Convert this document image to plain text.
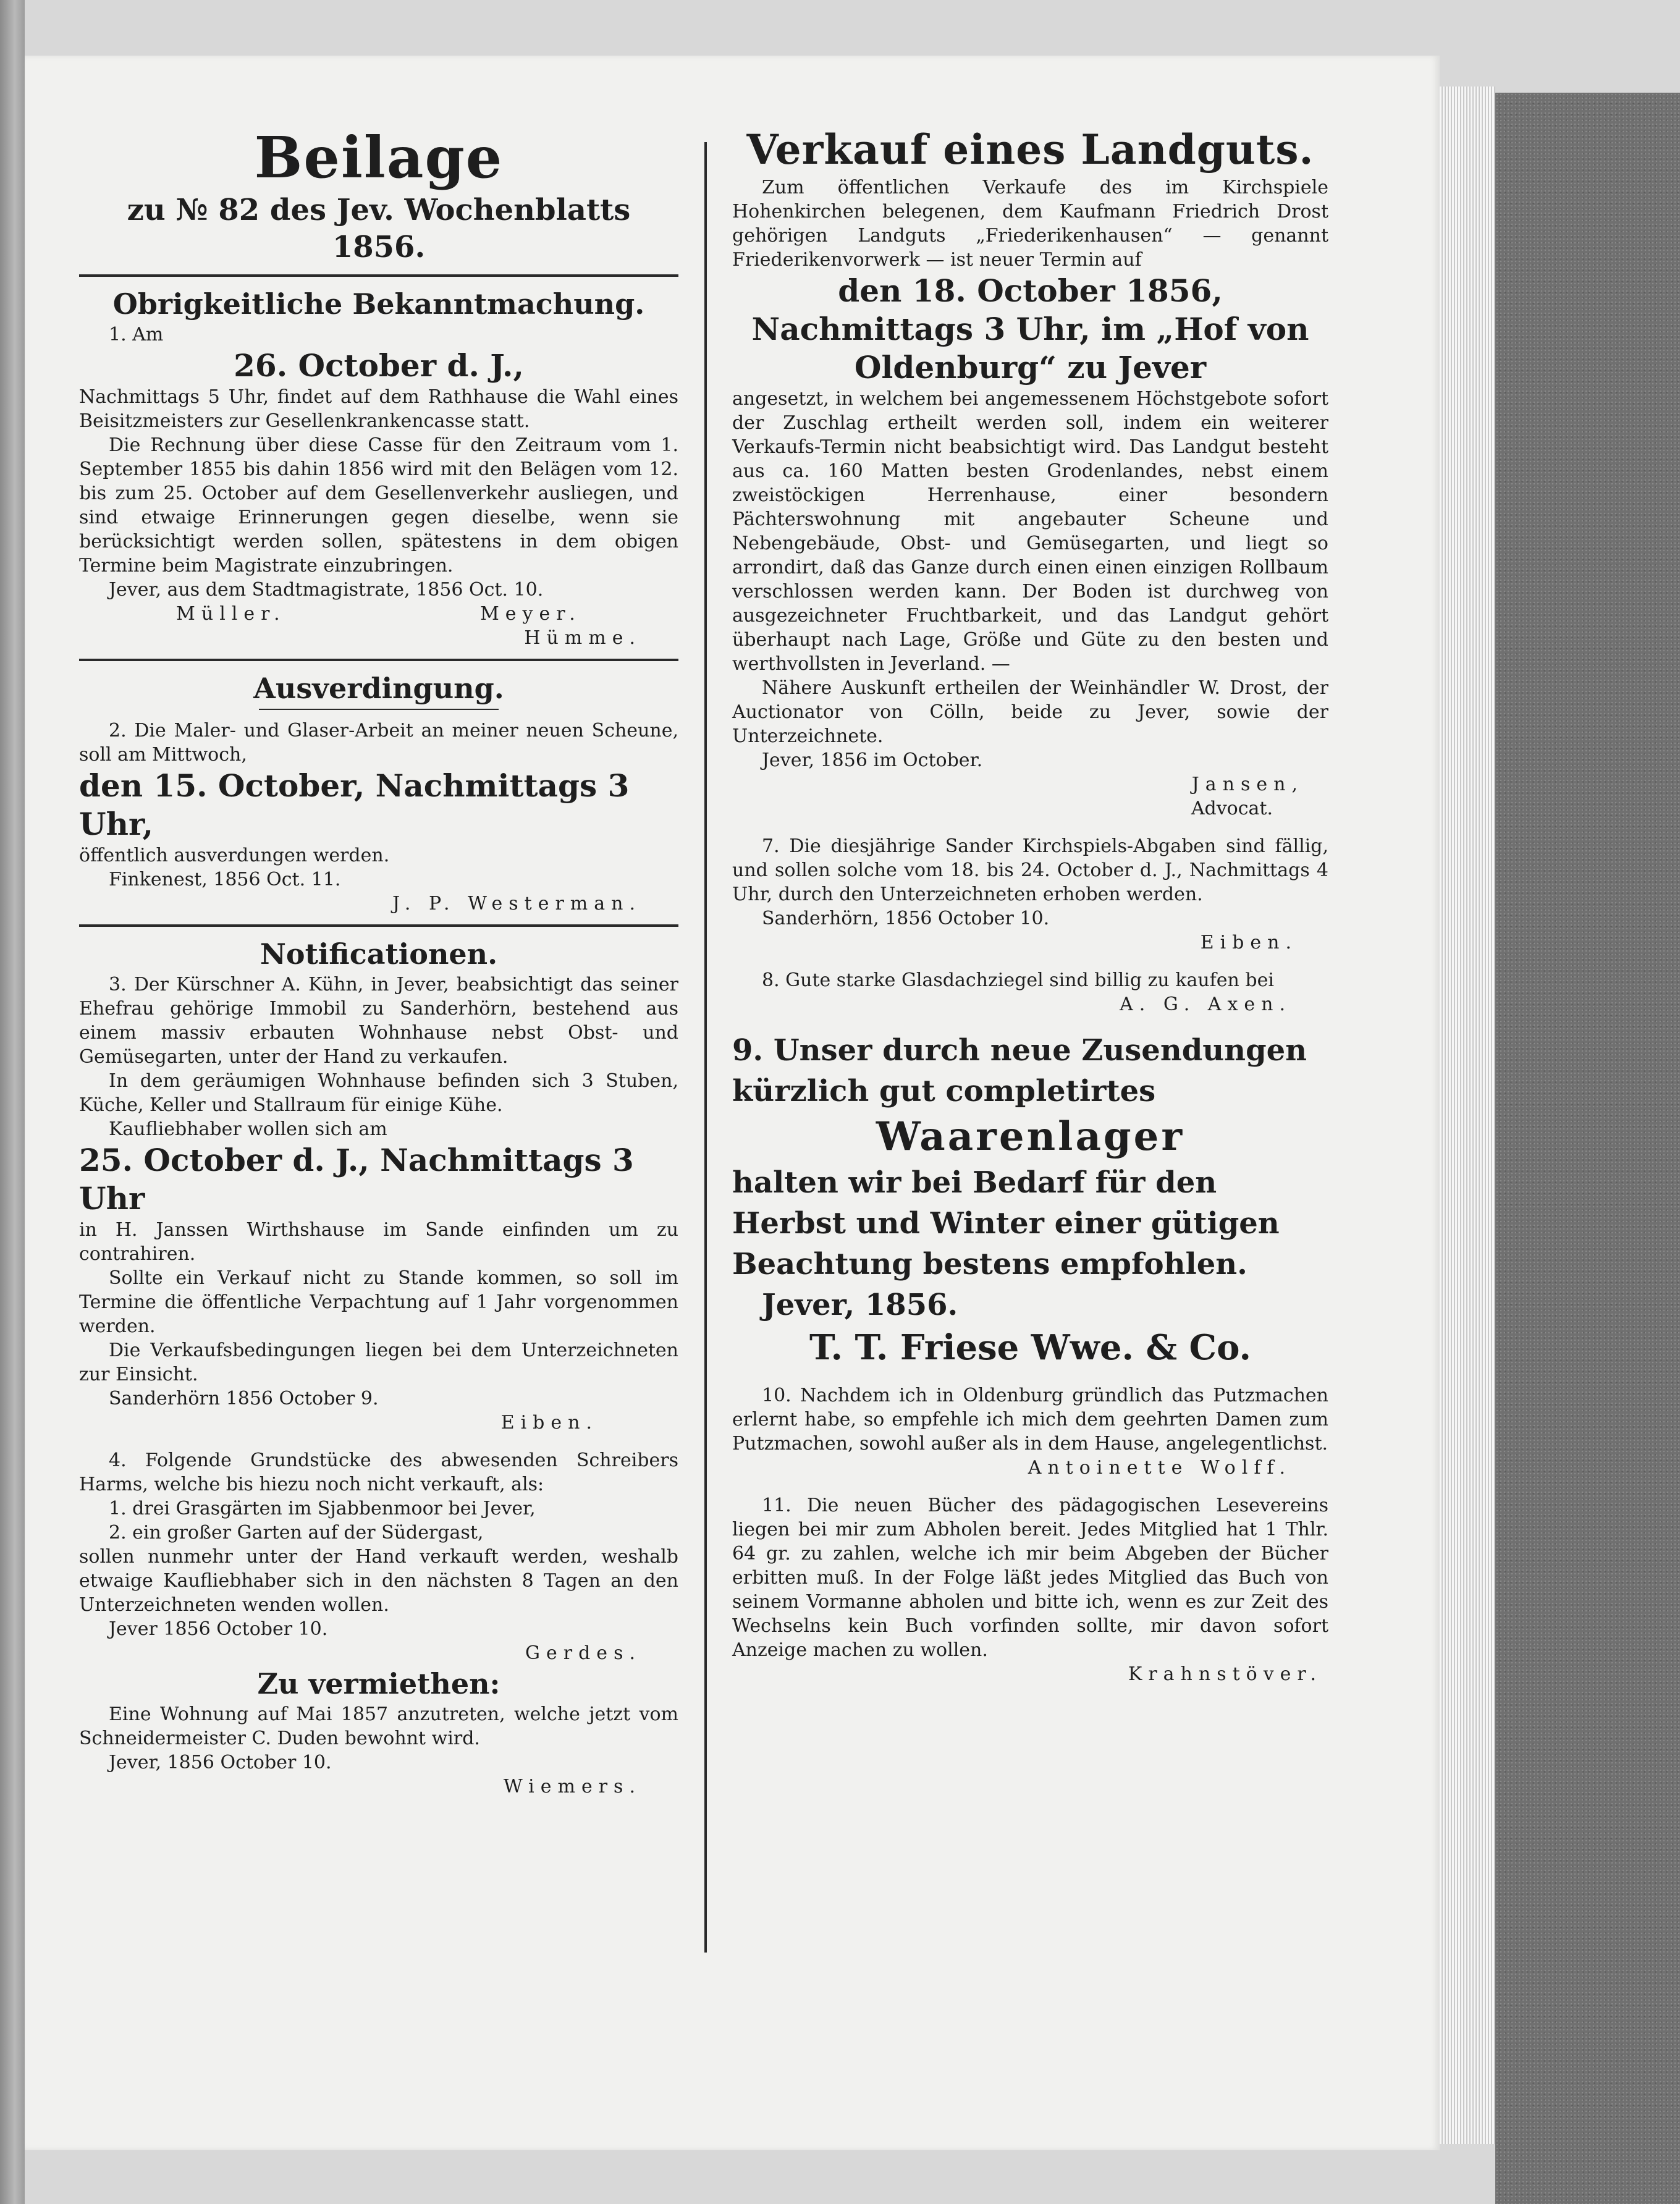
Beilage

zu № 82 des Jev. Wochenblatts 1856.

Obrigkeitliche Bekanntmachung.

1. Am

26. October d. J.,

Nachmittags 5 Uhr, findet auf dem Rathhause die Wahl eines Beisitzmeisters zur Gesellenkrankencasse statt.

Die Rechnung über diese Casse für den Zeitraum vom 1. September 1855 bis dahin 1856 wird mit den Belägen vom 12. bis zum 25. October auf dem Gesellenverkehr ausliegen, und sind etwaige Erinnerungen gegen dieselbe, wenn sie berücksichtigt werden sollen, spätestens in dem obigen Termine beim Magistrate einzubringen.

Jever, aus dem Stadtmagistrate, 1856 Oct. 10.

Müller.	Meyer.

Hümme.

Ausverdingung.

2. Die Maler- und Glaser-Arbeit an meiner neuen Scheune, soll am Mittwoch,

den 15. October, Nachmittags 3 Uhr,

öffentlich ausverdungen werden.

Finkenest, 1856 Oct. 11.

J. P. Westerman.

Notificationen.

3. Der Kürschner A. Kühn, in Jever, beabsichtigt das seiner Ehefrau gehörige Immobil zu Sanderhörn, bestehend aus einem massiv erbauten Wohnhause nebst Obst- und Gemüsegarten, unter der Hand zu verkaufen.

In dem geräumigen Wohnhause befinden sich 3 Stuben, Küche, Keller und Stallraum für einige Kühe.

Kaufliebhaber wollen sich am

25. October d. J., Nachmittags 3 Uhr

in H. Janssen Wirthshause im Sande einfinden um zu contrahiren.

Sollte ein Verkauf nicht zu Stande kommen, so soll im Termine die öffentliche Verpachtung auf 1 Jahr vorgenommen werden.

Die Verkaufsbedingungen liegen bei dem Unterzeichneten zur Einsicht.

Sanderhörn 1856 October 9.

Eiben.

4. Folgende Grundstücke des abwesenden Schreibers Harms, welche bis hiezu noch nicht verkauft, als:

1. drei Grasgärten im Sjabbenmoor bei Jever,

2. ein großer Garten auf der Südergast,

sollen nunmehr unter der Hand verkauft werden, weshalb etwaige Kaufliebhaber sich in den nächsten 8 Tagen an den Unterzeichneten wenden wollen.

Jever 1856 October 10.

Gerdes.

Zu vermiethen:

Eine Wohnung auf Mai 1857 anzutreten, welche jetzt vom Schneidermeister C. Duden bewohnt wird.

Jever, 1856 October 10.

Wiemers.

Verkauf eines Landguts.

Zum öffentlichen Verkaufe des im Kirchspiele Hohenkirchen belegenen, dem Kaufmann Friedrich Drost gehörigen Landguts „Friederikenhausen“ — genannt Friederikenvorwerk — ist neuer Termin auf

den 18. October 1856, Nachmittags 3 Uhr, im „Hof von Oldenburg“ zu Jever

angesetzt, in welchem bei angemessenem Höchstgebote sofort der Zuschlag ertheilt werden soll, indem ein weiterer Verkaufs-Termin nicht beabsichtigt wird. Das Landgut besteht aus ca. 160 Matten besten Grodenlandes, nebst einem zweistöckigen Herrenhause, einer besondern Pächterswohnung mit angebauter Scheune und Nebengebäude, Obst- und Gemüsegarten, und liegt so arrondirt, daß das Ganze durch einen einen einzigen Rollbaum verschlossen werden kann. Der Boden ist durchweg von ausgezeichneter Fruchtbarkeit, und das Landgut gehört überhaupt nach Lage, Größe und Güte zu den besten und werthvollsten in Jeverland. —

Nähere Auskunft ertheilen der Weinhändler W. Drost, der Auctionator von Cölln, beide zu Jever, sowie der Unterzeichnete.

Jever, 1856 im October.

Jansen,

Advocat.

7. Die diesjährige Sander Kirchspiels-Abgaben sind fällig, und sollen solche vom 18. bis 24. October d. J., Nachmittags 4 Uhr, durch den Unterzeichneten erhoben werden.

Sanderhörn, 1856 October 10.

Eiben.

8. Gute starke Glasdachziegel sind billig zu kaufen bei

A. G. Axen.

9. Unser durch neue Zusendungen kürzlich gut completirtes

Waarenlager

halten wir bei Bedarf für den Herbst und Winter einer gütigen Beachtung bestens empfohlen.

Jever, 1856.

T. T. Friese Wwe. & Co.

10. Nachdem ich in Oldenburg gründlich das Putzmachen erlernt habe, so empfehle ich mich dem geehrten Damen zum Putzmachen, sowohl außer als in dem Hause, angelegentlichst.

Antoinette Wolff.

11. Die neuen Bücher des pädagogischen Lesevereins liegen bei mir zum Abholen bereit. Jedes Mitglied hat 1 Thlr. 64 gr. zu zahlen, welche ich mir beim Abgeben der Bücher erbitten muß. In der Folge läßt jedes Mitglied das Buch von seinem Vormanne abholen und bitte ich, wenn es zur Zeit des Wechselns kein Buch vorfinden sollte, mir davon sofort Anzeige machen zu wollen.

Krahnstöver.
